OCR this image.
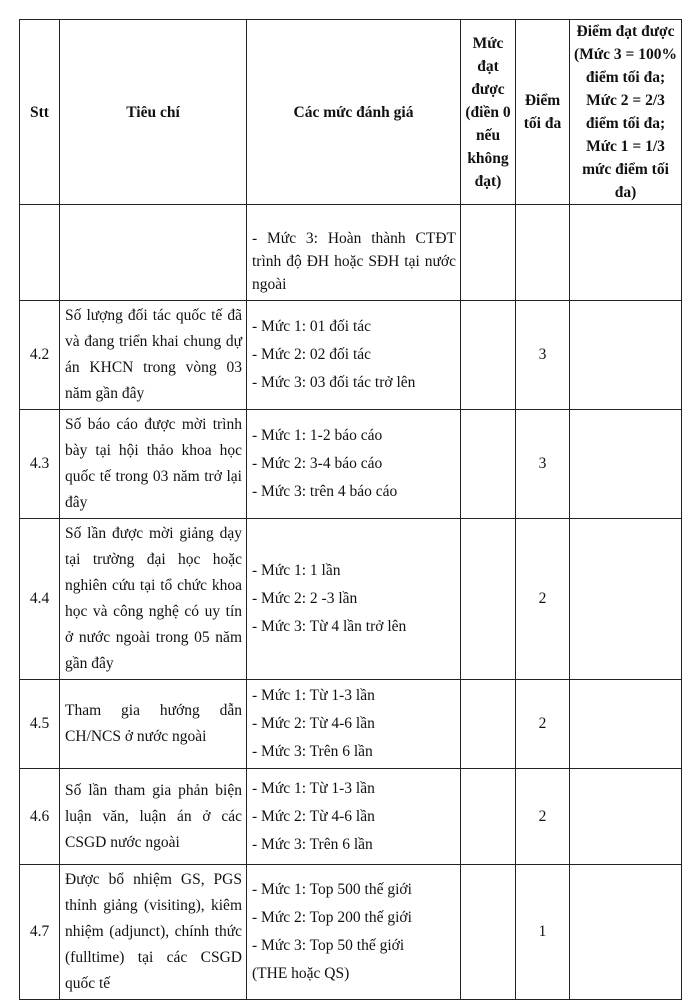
Stt	Tiêu chí	Các mức đánh giá	Mức đạt được (điền 0 nếu không đạt)	Điểm tối đa	Điểm đạt được (Mức 3 = 100% điểm tối đa; Mức 2 = 2/3 điểm tối đa; Mức 1 = 1/3 mức điểm tối đa)

		- Mức 3: Hoàn thành CTĐT trình độ ĐH hoặc SĐH tại nước ngoài			

4.2	Số lượng đối tác quốc tế đã và đang triển khai chung dự án KHCN trong vòng 03 năm gần đây	- Mức 1: 01 đối tác
- Mức 2: 02 đối tác
- Mức 3: 03 đối tác trở lên		3	
4.3	Số báo cáo được mời trình bày tại hội thảo khoa học quốc tế trong 03 năm trở lại đây	- Mức 1: 1-2 báo cáo
- Mức 2: 3-4 báo cáo
- Mức 3: trên 4 báo cáo		3	
4.4	Số lần được mời giảng dạy tại trường đại học hoặc nghiên cứu tại tổ chức khoa học và công nghệ có uy tín ở nước ngoài trong 05 năm gần đây	- Mức 1: 1 lần
- Mức 2: 2 -3 lần
- Mức 3: Từ 4 lần trở lên		2	
4.5	Tham gia hướng dẫn CH/NCS ở nước ngoài	- Mức 1: Từ 1-3 lần
- Mức 2: Từ 4-6 lần
- Mức 3: Trên 6 lần		2	
4.6	Số lần tham gia phản biện luận văn, luận án ở các CSGD nước ngoài	- Mức 1: Từ 1-3 lần
- Mức 2: Từ 4-6 lần
- Mức 3: Trên 6 lần		2	
4.7	Được bổ nhiệm GS, PGS thỉnh giảng (visiting), kiêm nhiệm (adjunct), chính thức (fulltime) tại các CSGD quốc tế	- Mức 1: Top 500 thế giới
- Mức 2: Top 200 thế giới
- Mức 3: Top 50 thế giới
(THE hoặc QS)		1	
